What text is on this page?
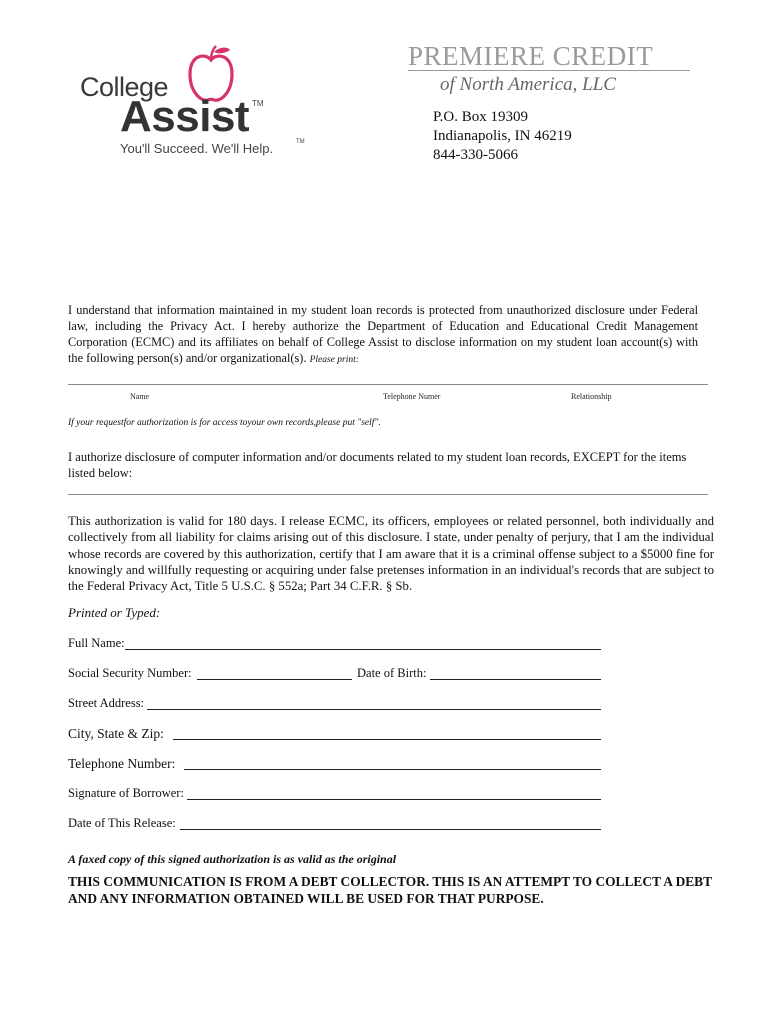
College
Assist TM
You'll Succeed. We'll Help.	TM
PREMIERE CREDIT
of North America, LLC
P.O. Box 19309
Indianapolis, IN 46219
844-330-5066
I understand that information maintained in my student loan records is protected from unauthorized disclosure under Federal law, including the Privacy Act. I hereby authorize the Department of Education and Educational Credit Management Corporation (ECMC) and its affiliates on behalf of College Assist to disclose information on my student loan account(s) with the following person(s) and/or organizational(s). Please print:
Name	Telephone Numer	Relationship
If your requestfor authorization is for access toyour own records,please put "self".
I authorize disclosure of computer information and/or documents related to my student loan records, EXCEPT for the items listed below:
This authorization is valid for 180 days. I release ECMC, its officers, employees or related personnel, both individually and collectively from all liability for claims arising out of this disclosure. I state, under penalty of perjury, that I am the individual whose records are covered by this authorization, certify that I am aware that it is a criminal offense subject to a $5000 fine for knowingly and willfully requesting or acquiring under false pretenses information in an individual's records that are subject to the Federal Privacy Act, Title 5 U.S.C. § 552a; Part 34 C.F.R. § Sb.
Printed or Typed:
Full Name:
Social Security Number:	Date of Birth:
Street Address:
City, State & Zip:
Telephone Number:
Signature of Borrower:
Date of This Release:
A faxed copy of this signed authorization is as valid as the original
THIS COMMUNICATION IS FROM A DEBT COLLECTOR. THIS IS AN ATTEMPT TO COLLECT A DEBT AND ANY INFORMATION OBTAINED WILL BE USED FOR THAT PURPOSE.
